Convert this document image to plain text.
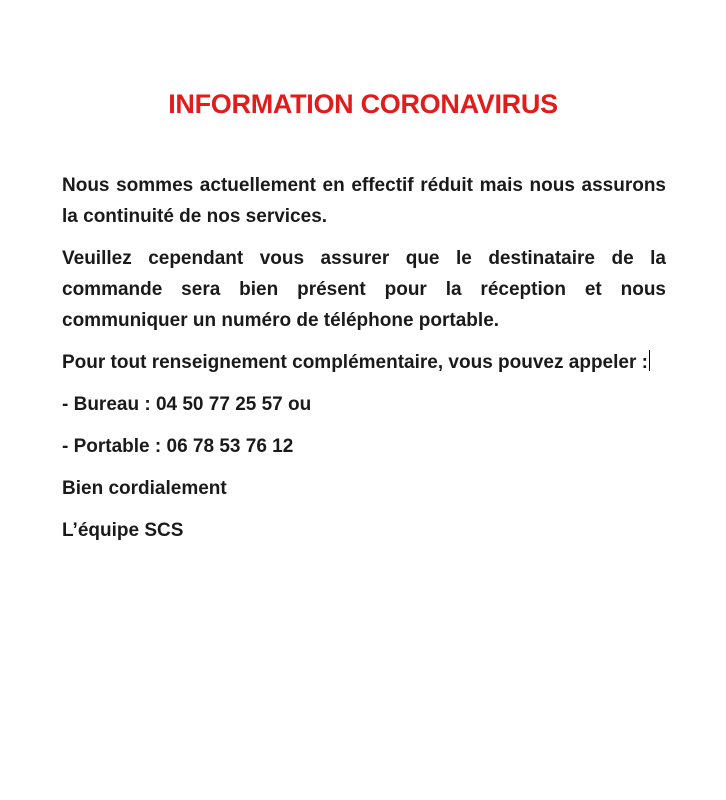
INFORMATION CORONAVIRUS

Nous sommes actuellement en effectif réduit mais nous assurons la continuité de nos services.

Veuillez cependant vous assurer que le destinataire de la commande sera bien présent pour la réception et nous communiquer un numéro de téléphone portable.

Pour tout renseignement complémentaire, vous pouvez appeler :

- Bureau : 04 50 77 25 57 ou

- Portable : 06 78 53 76 12

Bien cordialement

L’équipe SCS
